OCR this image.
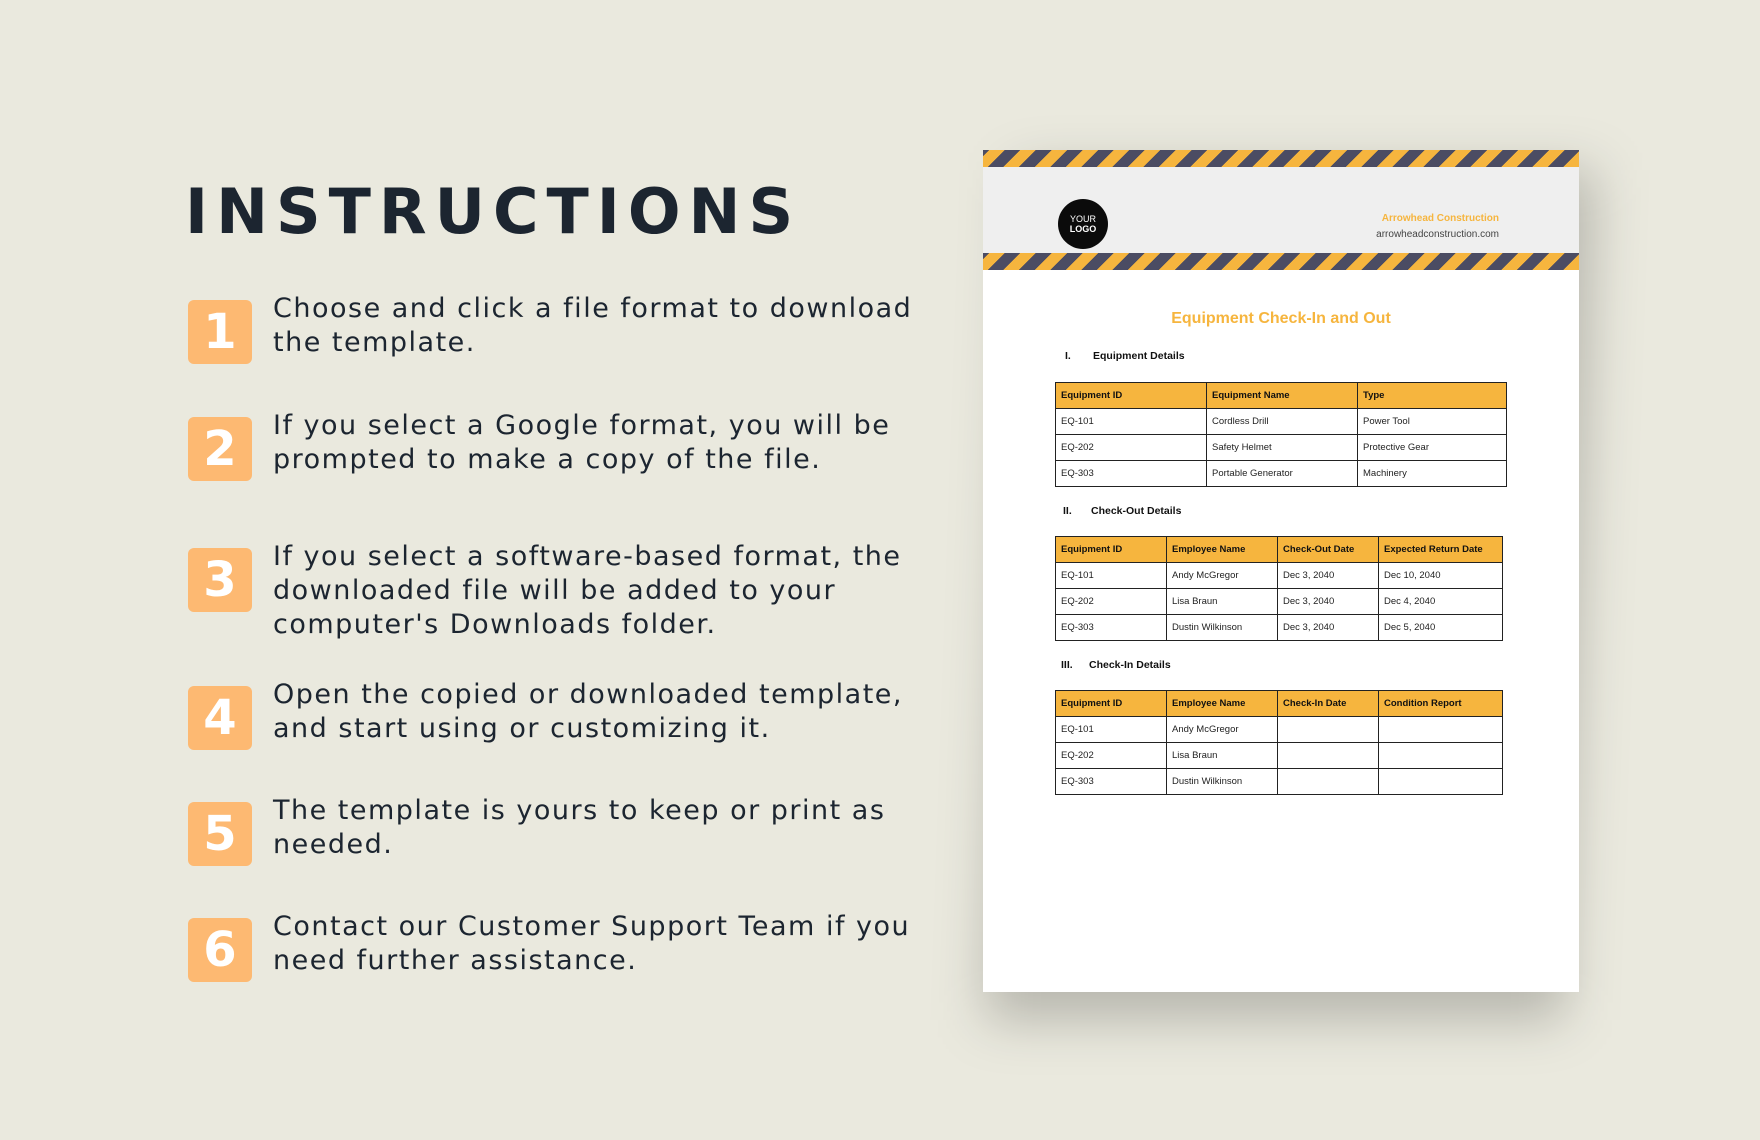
INSTRUCTIONS
1	Choose and click a file format to download the template.
2	If you select a Google format, you will be prompted to make a copy of the file.
3	If you select a software-based format, the downloaded file will be added to your computer's Downloads folder.
4	Open the copied or downloaded template, and start using or customizing it.
5	The template is yours to keep or print as needed.
6	Contact our Customer Support Team if you need further assistance.
YOUR
LOGO
Arrowhead Construction
arrowheadconstruction.com
Equipment Check-In and Out
I. Equipment Details
Equipment ID	Equipment Name	Type
EQ-101	Cordless Drill	Power Tool
EQ-202	Safety Helmet	Protective Gear
EQ-303	Portable Generator	Machinery
II. Check-Out Details
Equipment ID	Employee Name	Check-Out Date	Expected Return Date
EQ-101	Andy McGregor	Dec 3, 2040	Dec 10, 2040
EQ-202	Lisa Braun	Dec 3, 2040	Dec 4, 2040
EQ-303	Dustin Wilkinson	Dec 3, 2040	Dec 5, 2040
III. Check-In Details
Equipment ID	Employee Name	Check-In Date	Condition Report
EQ-101	Andy McGregor		
EQ-202	Lisa Braun		
EQ-303	Dustin Wilkinson		
